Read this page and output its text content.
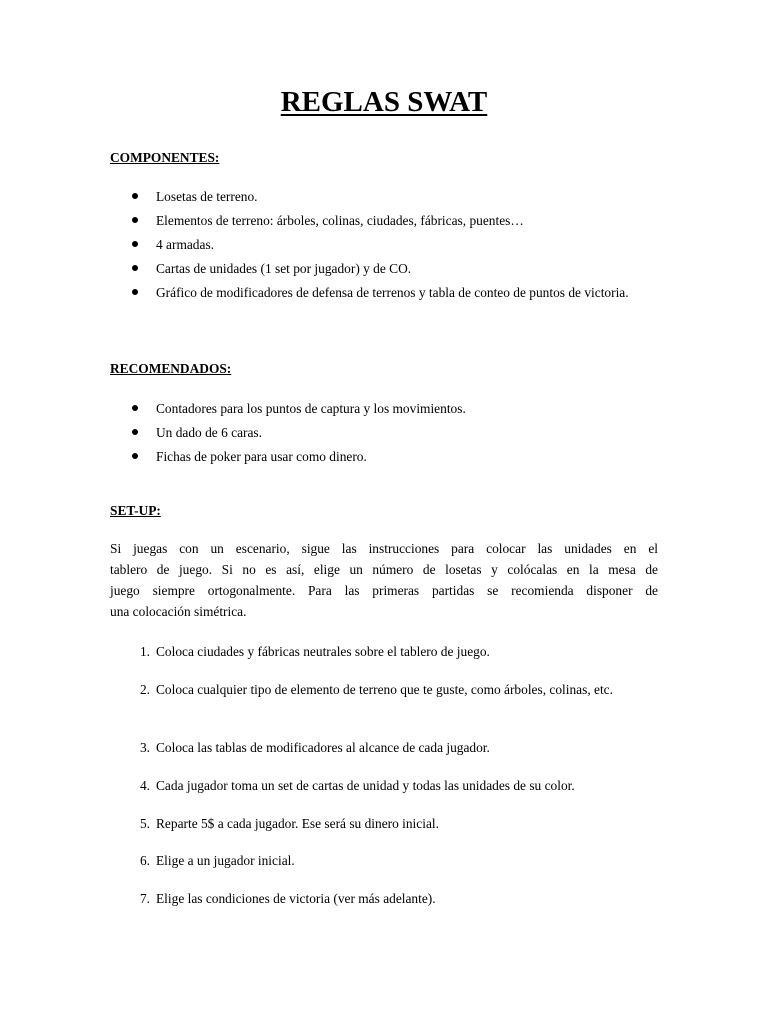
REGLAS SWAT
COMPONENTES:
Losetas de terreno.
Elementos de terreno: árboles, colinas, ciudades, fábricas, puentes…
4 armadas.
Cartas de unidades (1 set por jugador) y de CO.
Gráfico de modificadores de defensa de terrenos y tabla de conteo de puntos de victoria.
RECOMENDADOS:
Contadores para los puntos de captura y los movimientos.
Un dado de 6 caras.
Fichas de poker para usar como dinero.
SET-UP:
Si juegas con un escenario, sigue las instrucciones para colocar las unidades en el
tablero de juego. Si no es así, elige un número de losetas y colócalas en la mesa de
juego siempre ortogonalmente. Para las primeras partidas se recomienda disponer de
una colocación simétrica.
1. Coloca ciudades y fábricas neutrales sobre el tablero de juego.
2. Coloca cualquier tipo de elemento de terreno que te guste, como árboles, colinas, etc.
3. Coloca las tablas de modificadores al alcance de cada jugador.
4. Cada jugador toma un set de cartas de unidad y todas las unidades de su color.
5. Reparte 5$ a cada jugador. Ese será su dinero inicial.
6. Elige a un jugador inicial.
7. Elige las condiciones de victoria (ver más adelante).
